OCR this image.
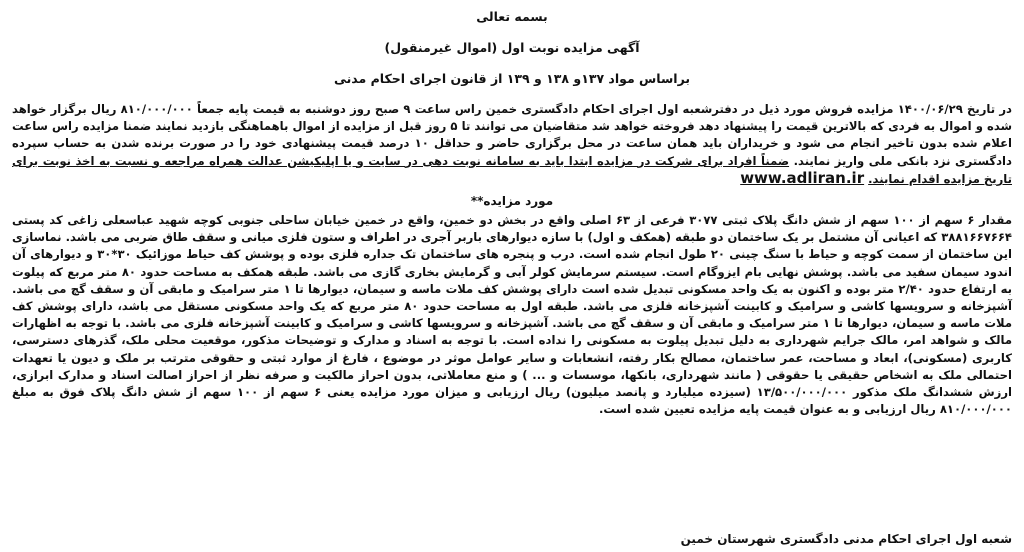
بسمه تعالی
آگهی مزایده نوبت اول (اموال غیرمنقول)
براساس مواد ۱۳۷و ۱۳۸ و ۱۳۹ از قانون اجرای احکام مدنی

در تاریخ ۱۴۰۰/۰۶/۲۹ مزایده فروش مورد ذیل در دفترشعبه اول اجرای احکام دادگستری خمین راس ساعت ۹ صبح روز دوشنبه به قیمت پایه جمعاً ۸۱۰/۰۰۰/۰۰۰ ریال برگزار خواهد شده و اموال به فردی که بالاترین قیمت را پیشنهاد دهد فروخته خواهد شد متقاضیان می توانند تا ۵ روز قبل از مزایده از اموال باهماهنگی بازدید نمایند ضمنا مزایده راس ساعت اعلام شده بدون تاخیر انجام می شود و خریداران باید همان ساعت در محل برگزاری حاضر و حداقل ۱۰ درصد قیمت پیشنهادی خود را در صورت برنده شدن به حساب سپرده دادگستری نزد بانکی ملی واریز نمایند. ضمناً افراد برای شرکت در مزایده ابتدا باید به سامانه نوبت دهی در سایت و یا اپلیکیشن عدالت همراه مراجعه و نسبت به اخذ نوبت برای تاریخ مزایده اقدام نمایند. www.adliran.ir

مورد مزایده**

مقدار ۶ سهم از ۱۰۰ سهم از شش دانگ پلاک ثبتی ۳۰۷۷ فرعی از ۶۳ اصلی واقع در بخش دو خمین، واقع در خمین خیابان ساحلی جنوبی کوچه شهید عباسعلی زاغی کد پستی ۳۸۸۱۶۶۷۶۶۴ که اعیانی آن مشتمل بر یک ساختمان دو طبقه (همکف و اول) با سازه دیوارهای باربر آجری در اطراف و ستون فلزی میانی و سقف طاق ضربی می باشد. نماسازی این ساختمان از سمت کوچه و حیاط با سنگ چینی ۲۰ طول انجام شده است. درب و پنجره های ساختمان تک جداره فلزی بوده و پوشش کف حیاط موزائیک ۳۰*۳۰ و دیوارهای آن اندود سیمان سفید می باشد. پوشش نهایی بام ایزوگام است. سیستم سرمایش کولر آبی و گرمایش بخاری گازی می باشد. طبقه همکف به مساحت حدود ۸۰ متر مربع که پیلوت به ارتفاع حدود ۲/۴۰ متر بوده و اکنون به یک واحد مسکونی تبدیل شده است دارای پوشش کف ملات ماسه و سیمان، دیوارها تا ۱ متر سرامیک و مابقی آن و سقف گچ می باشد. آشپزخانه و سرویسها کاشی و سرامیک و کابینت آشپزخانه فلزی می باشد. طبقه اول به مساحت حدود ۸۰ متر مربع که یک واحد مسکونی مستقل می باشد، دارای پوشش کف ملات ماسه و سیمان، دیوارها تا ۱ متر سرامیک و مابقی آن و سقف گچ می باشد. آشپزخانه و سرویسها کاشی و سرامیک و کابینت آشپزخانه فلزی می باشد. با توجه به اظهارات مالک و شواهد امر، مالک جرایم شهرداری به دلیل تبدیل پیلوت به مسکونی را نداده است. با توجه به اسناد و مدارک و توضیحات مذکور، موقعیت محلی ملک، گذرهای دسترسی، کاربری (مسکونی)، ابعاد و مساحت، عمر ساختمان، مصالح بکار رفته، انشعابات و سایر عوامل موثر در موضوع ، فارغ از موارد ثبتی و حقوقی مترتب بر ملک و دیون یا تعهدات احتمالی ملک به اشخاص حقیقی یا حقوقی ( مانند شهرداری، بانکها، موسسات و ... ) و منع معاملاتی، بدون احراز مالکیت و صرفه نظر از احراز اصالت اسناد و مدارک ابرازی، ارزش ششدانگ ملک مذکور ۱۳/۵۰۰/۰۰۰/۰۰۰ (سیزده میلیارد و پانصد میلیون) ریال ارزیابی و میزان مورد مزایده یعنی ۶ سهم از ۱۰۰ سهم از شش دانگ پلاک فوق به مبلغ ۸۱۰/۰۰۰/۰۰۰ ریال ارزیابی و به عنوان قیمت پایه مزایده تعیین شده است.

شعبه اول اجرای احکام مدنی دادگستری شهرستان خمین
